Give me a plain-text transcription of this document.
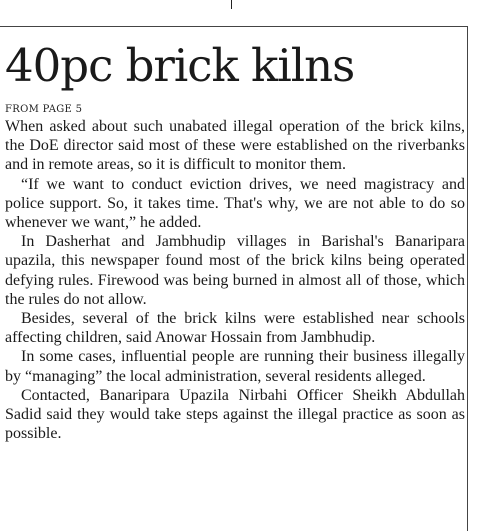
40pc brick kilns
FROM PAGE 5

When asked about such unabated illegal operation of the brick kilns, the DoE director said most of these were established on the riverbanks and in remote areas, so it is difficult to monitor them.

“If we want to conduct eviction drives, we need magistracy and police support. So, it takes time. That's why, we are not able to do so whenever we want,” he added.

In Dasherhat and Jambhudip villages in Barishal's Banaripara upazila, this newspaper found most of the brick kilns being operated defying rules. Firewood was being burned in almost all of those, which the rules do not allow.

Besides, several of the brick kilns were established near schools affecting children, said Anowar Hossain from Jambhudip.

In some cases, influential people are running their business illegally by “managing” the local administration, several residents alleged.

Contacted, Banaripara Upazila Nirbahi Officer Sheikh Abdullah Sadid said they would take steps against the illegal practice as soon as possible.
